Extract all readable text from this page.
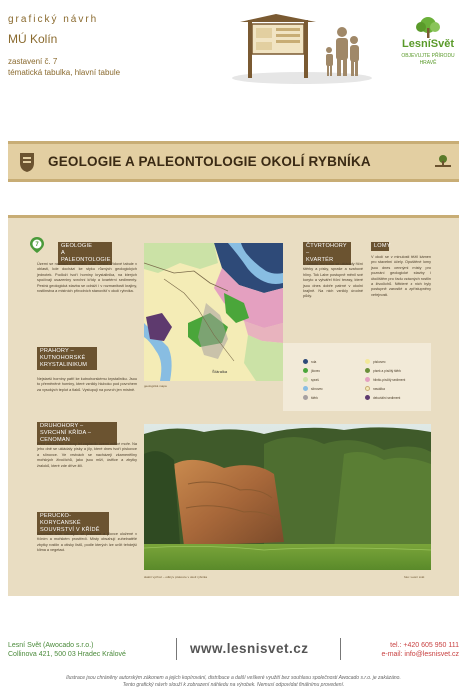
grafický návrh
MÚ Kolín
zastavení č. 7
tématická tabulka, hlavní tabule
LesníSvět
OBJEVUJTE PŘÍRODU
HRAVĚ
GEOLOGIE A PALEONTOLOGIE OKOLÍ RYBNÍKA
7	GEOLOGIE
A PALEONTOLOGIE
Území se nachází v centrální části České křídové tabule v oblasti, kde dochází ke styku různých geologických jednotek. Podloží tvoří horniny krystalinika, na kterých spočívají usazeniny svrchní křídy a kvartérní sedimenty. Pestrá geologická stavba se odráží i v rozmanitosti krajiny, rostlinstva a místních přírodních stanovišť v okolí rybníka.
PRAHORY –
KUTNOHORSKÉ
KRYSTALINIKUM
Nejstarší horniny patří ke kutnohorskému krystaliniku. Jsou to přeměněné horniny, které vznikly hluboko pod povrchem za vysokých teplot a tlaků. Vystupují na povrch jen místně.
DRUHOHORY –
SVRCHNÍ KŘÍDA – CENOMAN
Před zhruba sto miliony let zaplavilo území mělké moře. Na jeho dně se ukládaly písky a jíly, které dnes tvoří pískovce a slínovce. Ve vrstvách se nacházejí zkameněliny mořských živočichů, jako jsou mlži, ústřice a zbytky žraloků, které zde dříve žili.
PERUCKO-KORYCANSKÉ
SOUVRSTVÍ V KŘÍDĚ
Souvrství tvoří střídající se pískovce a jílovce uložené v říčním a mořském prostředí. Místy obsahují zuhelnatělé zbytky rostlin a otisky listů, podle kterých lze určit tehdejší klima a vegetaci.
ČTVRTOHORY –
KVARTÉR
V období čtvrtohor se ukládaly říční štěrky a písky, spraše a svahové hlíny. Tok Labe postupně měnil své koryto a vytvářel říční terasy, které jsou dnes dobře patrné v okolní krajině. Na nich vznikly úrodné půdy.
LOMY
V okolí se v minulosti těžil kámen pro stavební účely. Opuštěné lomy jsou dnes cennými místy pro poznání geologické stavby i útočištěm pro řadu vzácných rostlin a živočichů. Některé z nich byly postupně zarostlé a zpřístupněny veřejnosti.
Šťáralka
geologická mapa
rula	pískovec
jílovec	písek a písčitý štěrk
spraš	hlinito-písčitý sediment
slínovec	navážka
štěrk	deluviální sediment
skalní výchoz – odkryv pískovce v okolí rybníka	foto: Lesní svět
Lesní Svět (Awocado s.r.o.)
Collinova 421, 500 03 Hradec Králové	www.lesnisvet.cz	tel.: +420 605 950 111
e-mail: info@lesnisvet.cz
Ilustrace jsou chráněny autorským zákonem a jejich kopírování, distribuce a další veškeré využití bez souhlasu společnosti Awocado s.r.o. je zakázáno.
Tento grafický návrh slouží k zobrazení náhledu na výrobek. Nemusí odpovídat finálnímu provedení.
